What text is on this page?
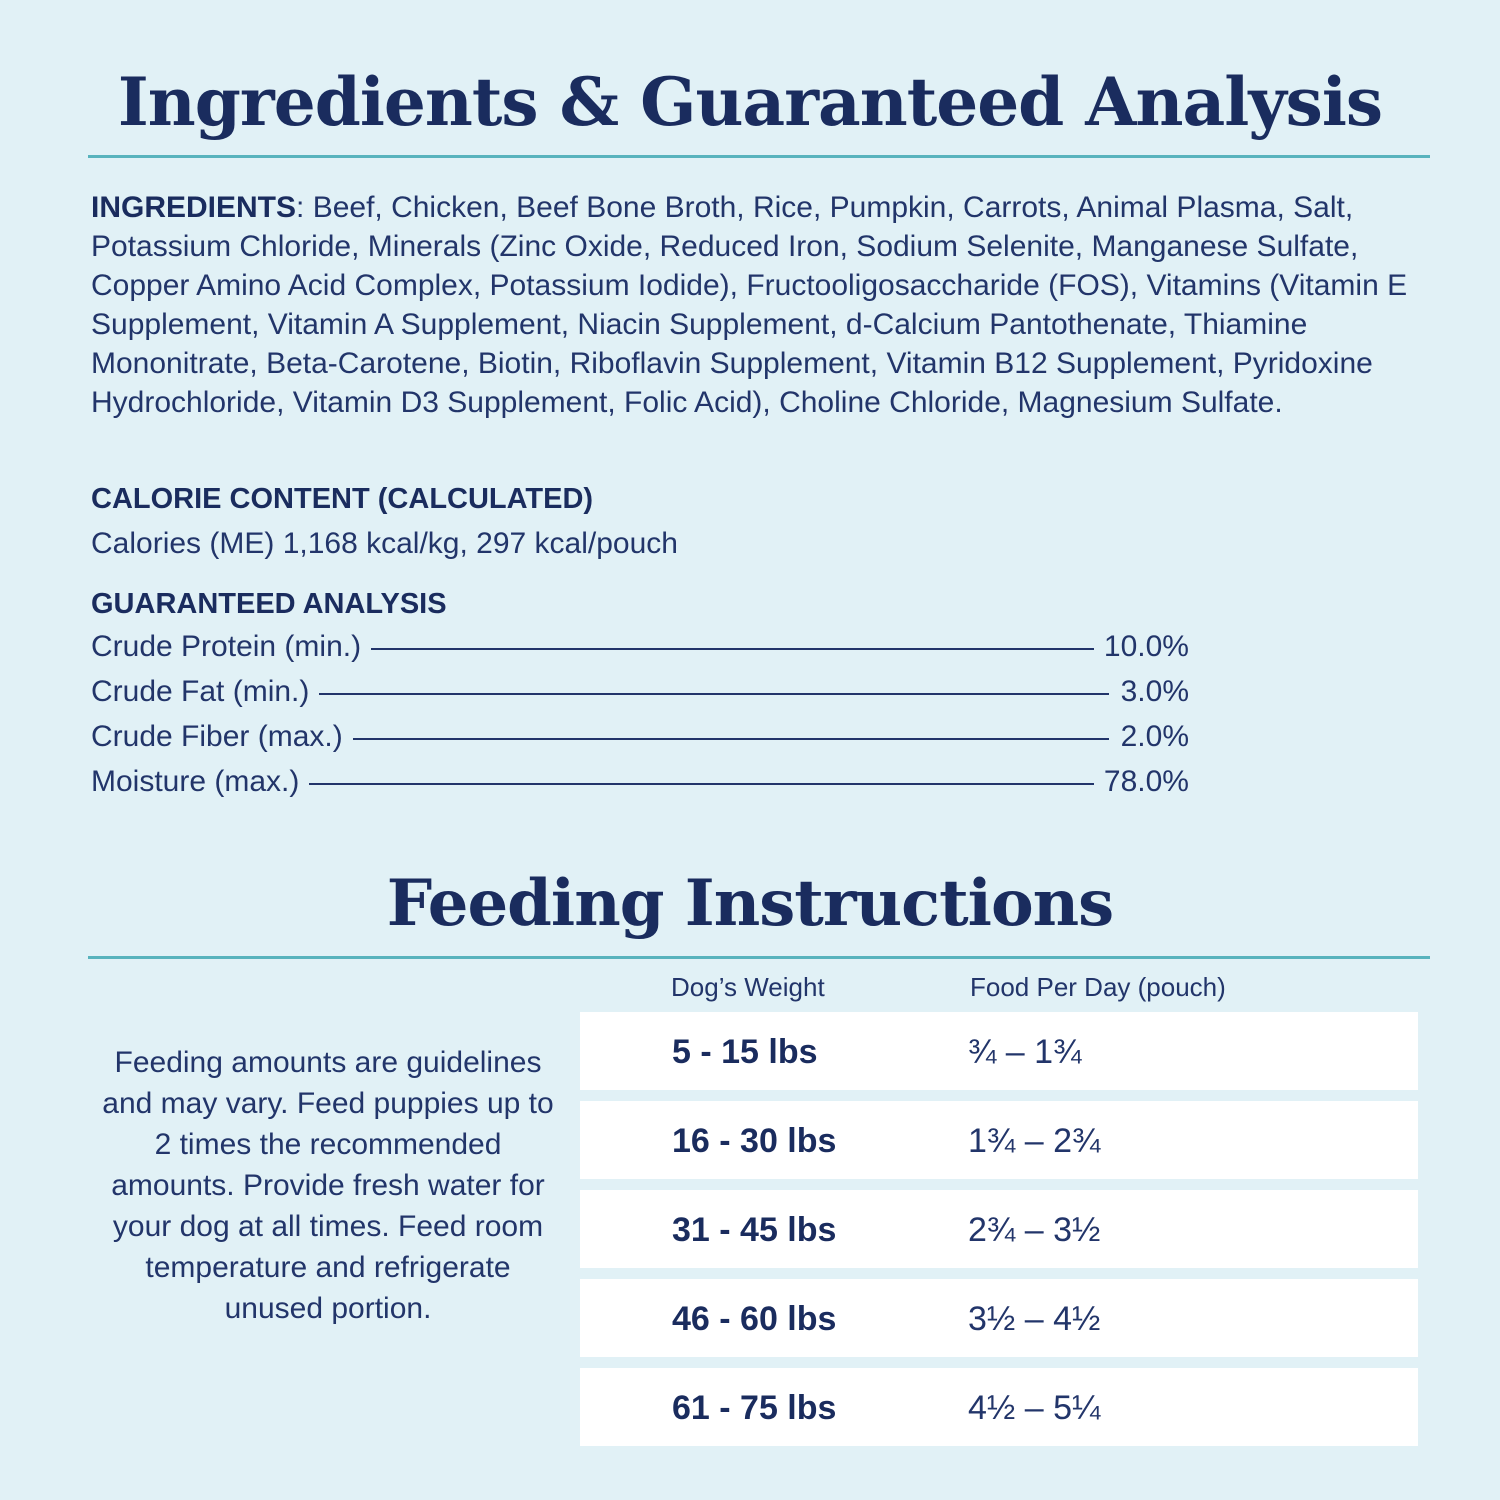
Ingredients & Guaranteed Analysis

INGREDIENTS: Beef, Chicken, Beef Bone Broth, Rice, Pumpkin, Carrots, Animal Plasma, Salt, Potassium Chloride, Minerals (Zinc Oxide, Reduced Iron, Sodium Selenite, Manganese Sulfate, Copper Amino Acid Complex, Potassium Iodide), Fructooligosaccharide (FOS), Vitamins (Vitamin E Supplement, Vitamin A Supplement, Niacin Supplement, d-Calcium Pantothenate, Thiamine Mononitrate, Beta-Carotene, Biotin, Riboflavin Supplement, Vitamin B12 Supplement, Pyridoxine Hydrochloride, Vitamin D3 Supplement, Folic Acid), Choline Chloride, Magnesium Sulfate.

CALORIE CONTENT (CALCULATED)

Calories (ME) 1,168 kcal/kg, 297 kcal/pouch

GUARANTEED ANALYSIS
Crude Protein (min.)	10.0%
Crude Fat (min.)	3.0%
Crude Fiber (max.)	2.0%
Moisture (max.)	78.0%
Feeding Instructions

Feeding amounts are guidelines and may vary. Feed puppies up to 2 times the recommended amounts. Provide fresh water for your dog at all times. Feed room temperature and refrigerate unused portion.

Dog’s Weight	Food Per Day (pouch)
5 - 15 lbs	¾ – 1¾
16 - 30 lbs	1¾ – 2¾
31 - 45 lbs	2¾ – 3½
46 - 60 lbs	3½ – 4½
61 - 75 lbs	4½ – 5¼
